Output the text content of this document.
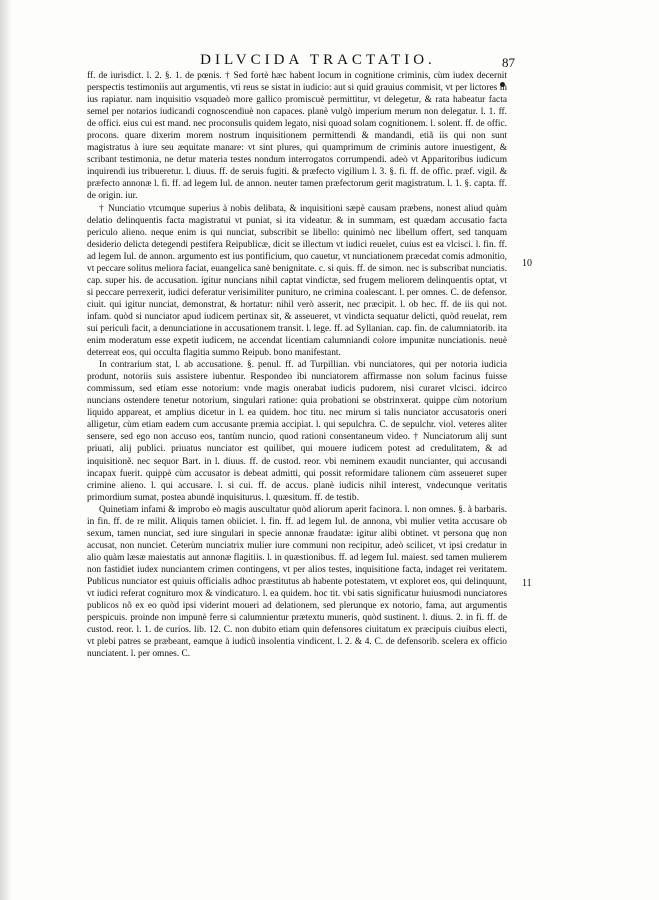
DILVCIDA TRACTATIO.	87

ff. de iurisdict. l. 2. §. 1. de pœnis. † Sed fortè hæc habent locum in cognitione criminis, cùm iudex decernit perspectis testimoniis aut argumentis, vti reus se sistat in iudicio: aut si quid grauius commisit, vt per lictores in ius rapiatur. nam inquisitio vsquadeò more gallico promiscuè permittitur, vt delegetur, & rata habeatur facta semel per notarios iudicandi cognoscendiuè non capaces. planè vulgò imperium merum non delegatur. l. 1. ff. de offici. eius cui est mand. nec proconsulis quidem legato, nisi quoad solam cognitionem. l. solent. ff. de offic. procons. quare dixerim morem nostrum inquisitionem permittendi & mandandi, etiã iis qui non sunt magistratus à iure seu æquitate manare: vt sint plures, qui quamprimum de criminis autore inuestigent, & scribant testimonia, ne detur materia testes nondum interrogatos corrumpendi. adeò vt Apparitoribus iudicum inquirendi ius tribueretur. l. diuus. ff. de seruis fugiti. & præfecto vigilium l. 3. §. fi. ff. de offic. præf. vigil. & præfecto annonæ l. fi. ff. ad legem Iul. de annon. neuter tamen præfectorum gerit magistratum. l. 1. §. capta. ff. de origin. iur.

† Nunciatio vtcumque superius à nobis delibata, & inquisitioni sæpè causam præbens, nonest aliud quàm delatio delinquentis facta magistratui vt puniat, si ita videatur. & in summam, est quædam accusatio facta periculo alieno. neque enim is qui nunciat, subscribit se libello: quinimò nec libellum offert, sed tanquam desiderio delicta detegendi pestifera Reipublicæ, dicit se illectum vt iudici reuelet, cuius est ea vlcisci. l. fin. ff. ad legem Iul. de annon. argumento est ius pontificium, quo cauetur, vt nunciationem præcedat comis admonitio, vt peccare solitus meliora faciat, euangelica sanè benignitate. c. si quis. ff. de simon. nec is subscribat nunciatis. cap. super his. de accusation. igitur nuncians nihil captat vindictæ, sed frugem meliorem delinquentis optat, vt si peccare perrexerit, iudici deferatur verisimiliter punituro, ne crimina coalescant. l. per omnes. C. de defensor. ciuit. qui igitur nunciat, demonstrat, & hortatur: nihil verò asserit, nec præcipit. l. ob hec. ff. de iis qui not. infam. quòd si nunciator apud iudicem pertinax sit, & asseueret, vt vindicta sequatur delicti, quòd reuelat, rem sui periculi facit, a denunciatione in accusationem transit. l. lege. ff. ad Syllanian. cap. fin. de calumniatorib. ita enim moderatum esse expetit iudicem, ne accendat licentiam calumniandi colore impunitæ nunciationis. neuè deterreat eos, qui occulta flagitia summo Reipub. bono manifestant.

In contrarium stat, l. ab accusatione. §. penul. ff. ad Turpillian. vbi nunciatores, qui per notoria iudicia produnt, notoriis suis assistere iubentur. Respondeo ibi nunciatorem affirmasse non solum facinus fuisse commissum, sed etiam esse notorium: vnde magis onerabat iudicis pudorem, nisi curaret vlcisci. idcirco nuncians ostendere tenetur notorium, singulari ratione: quia probationi se obstrinxerat. quippe cùm notorium liquido appareat, et amplius dicetur in l. ea quidem. hoc titu. nec mirum si talis nunciator accusatoris oneri alligetur, cùm etiam eadem cum accusante præmia accipiat. l. qui sepulchra. C. de sepulchr. viol. veteres aliter sensere, sed ego non accuso eos, tantùm nuncio, quod rationi consentaneum video. † Nunciatorum alij sunt priuati, alij publici. priuatus nunciator est quilibet, qui mouere iudicem potest ad credulitatem, & ad inquisitionẽ. nec sequor Bart. in l. diuus. ff. de custod. reor. vbi neminem exaudit nuncianter, qui accusandi incapax fuerit. quippè cùm accusator is debeat admitti, qui possit reformidare talionem cùm asseueret super crimine alieno. l. qui accusare. l. si cui. ff. de accus. planè iudicis nihil interest, vndecunque veritatis primordium sumat, postea abundè inquisiturus. l. quæsitum. ff. de testib.

Quinetiam infami & improbo eò magis auscultatur quòd aliorum aperit facinora. l. non omnes. §. à barbaris. in fin. ff. de re milit. Aliquis tamen obiiciet. l. fin. ff. ad legem Iul. de annona, vbi mulier vetita accusare ob sexum, tamen nunciat, sed iure singulari in specie annonæ fraudatæ: igitur alibi obtinet. vt persona quę non accusat, non nunciet. Ceterùm nunciatrix mulier iure communi non recipitur, adeò scilicet, vt ipsi credatur in alio quàm læsæ maiestatis aut annonæ flagitiis. l. in quæstionibus. ff. ad legem Iul. maiest. sed tamen mulierem non fastidiet iudex nunciantem crimen contingens, vt per alios testes, inquisitione facta, indaget rei veritatem. Publicus nunciator est quiuis officialis adhoc præstitutus ab habente potestatem, vt exploret eos, qui delinquunt, vt iudici referat cognituro mox & vindicaturo. l. ea quidem. hoc tit. vbi satis significatur huiusmodi nunciatores publicos nõ ex eo quòd ipsi viderint moueri ad delationem, sed plerunque ex notorio, fama, aut argumentis perspicuis. proinde non impunè ferre si calumnientur prætextu muneris, quòd sustinent. l. diuus. 2. in fi. ff. de custod. reor. l. 1. de curios. lib. 12. C. non dubito etiam quin defensores ciuitatum ex præcipuis ciuibus electi, vt plebi patres se præbeant, eamque à iudicũ insolentia vindicent. l. 2. & 4. C. de defensorib. scelera ex officio nunciatent. l. per omnes. C.

10
11
